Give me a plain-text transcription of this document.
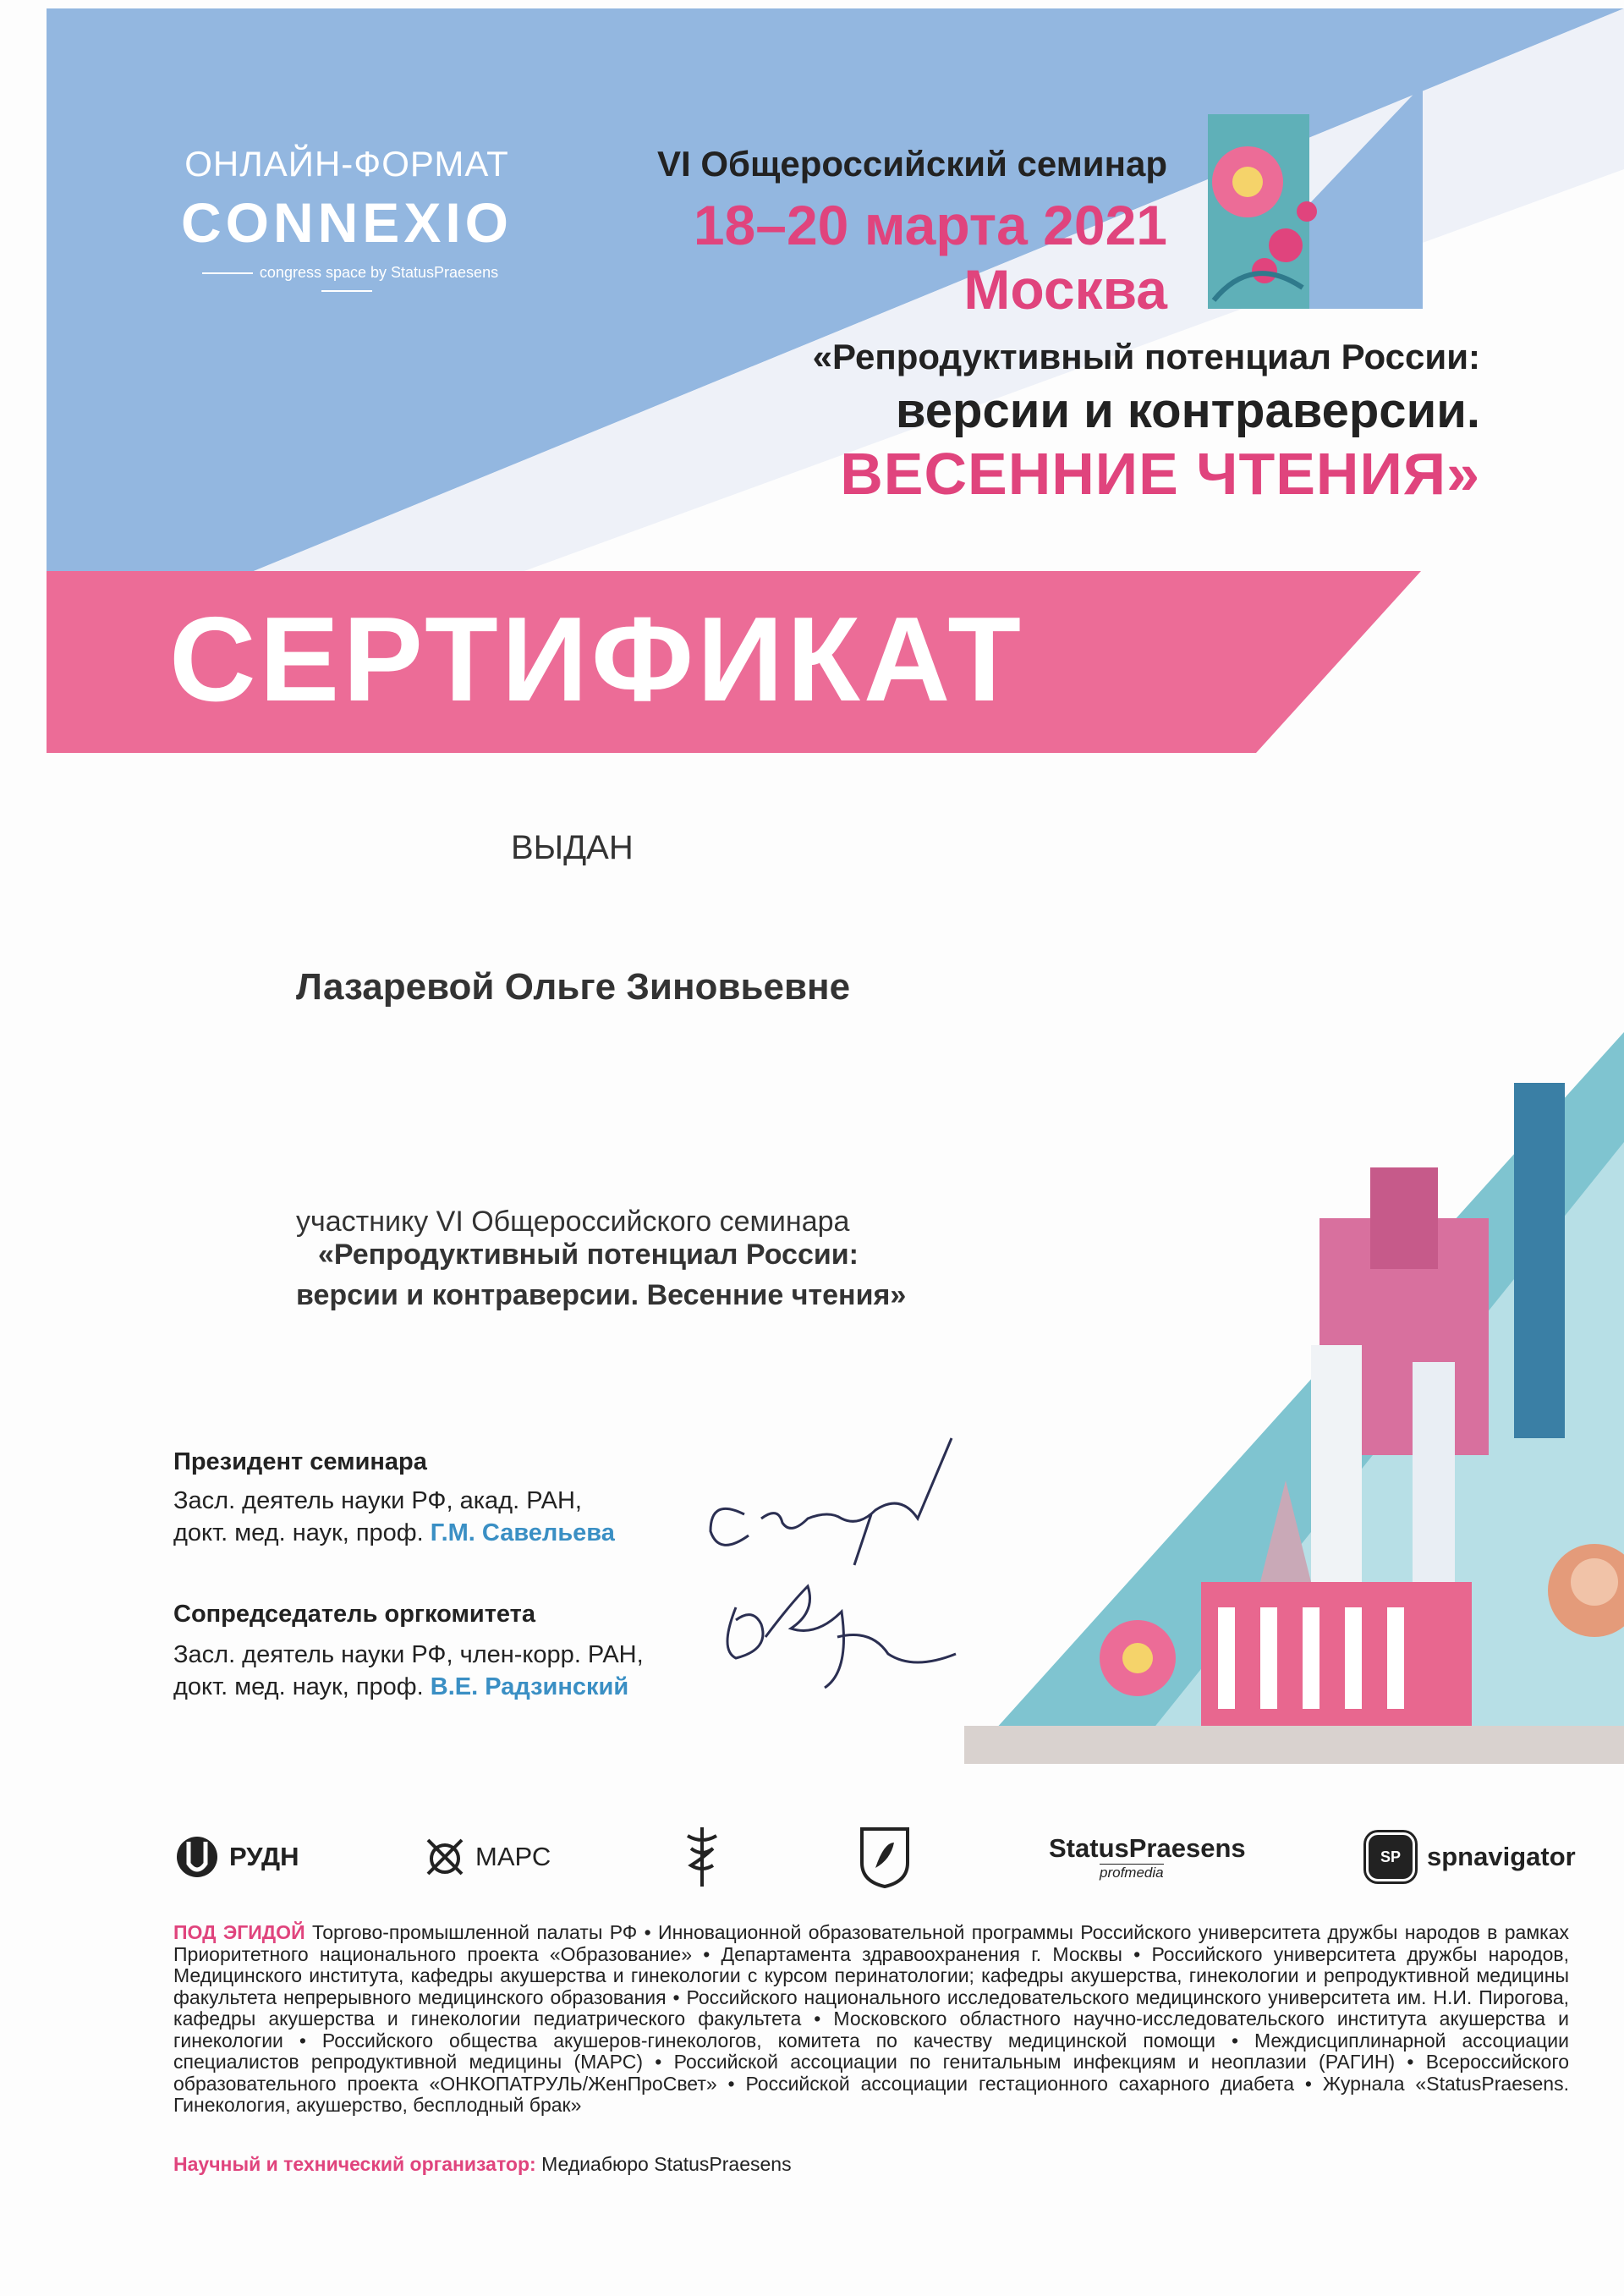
ОНЛАЙН-ФОРМАТ
CONNEXIO
congress space by StatusPraesens
VI Общероссийский семинар
18–20 марта 2021
Москва
«Репродуктивный потенциал России:
версии и контраверсии.
ВЕСЕННИЕ ЧТЕНИЯ»
СЕРТИФИКАТ
ВЫДАН
Лазаревой Ольге Зиновьевне
участнику VI Общероссийского семинара
«Репродуктивный потенциал России:
версии и контраверсии. Весенние чтения»
Президент семинара
Засл. деятель науки РФ, акад. РАН,
докт. мед. наук, проф. Г.М. Савельева
Сопредседатель оргкомитета
Засл. деятель науки РФ, член-корр. РАН,
докт. мед. наук, проф. В.Е. Радзинский
РУДН	МАРС	StatusPraesens
profmedia
SP	spnavigator
ПОД ЭГИДОЙ Торгово-промышленной палаты РФ • Инновационной образовательной программы Российского университета дружбы народов в рамках Приоритетного национального проекта «Образование» • Департамента здравоохранения г. Москвы • Российского университета дружбы народов, Медицинского института, кафедры акушерства и гинекологии с курсом перинатологии; кафедры акушерства, гинекологии и репродуктивной медицины факультета непрерывного медицинского образования • Российского национального исследовательского медицинского университета им. Н.И. Пирогова, кафедры акушерства и гинекологии педиатрического факультета • Московского областного научно-исследовательского института акушерства и гинекологии • Российского общества акушеров-гинекологов, комитета по качеству медицинской помощи • Междисциплинарной ассоциации специалистов репродуктивной медицины (МАРС) • Российской ассоциации по генитальным инфекциям и неоплазии (РАГИН) • Всероссийского образовательного проекта «ОНКОПАТРУЛЬ/ЖенПроСвет» • Российской ассоциации гестационного сахарного диабета • Журнала «StatusPraesens. Гинекология, акушерство, бесплодный брак»
Научный и технический организатор: Медиабюро StatusPraesens
